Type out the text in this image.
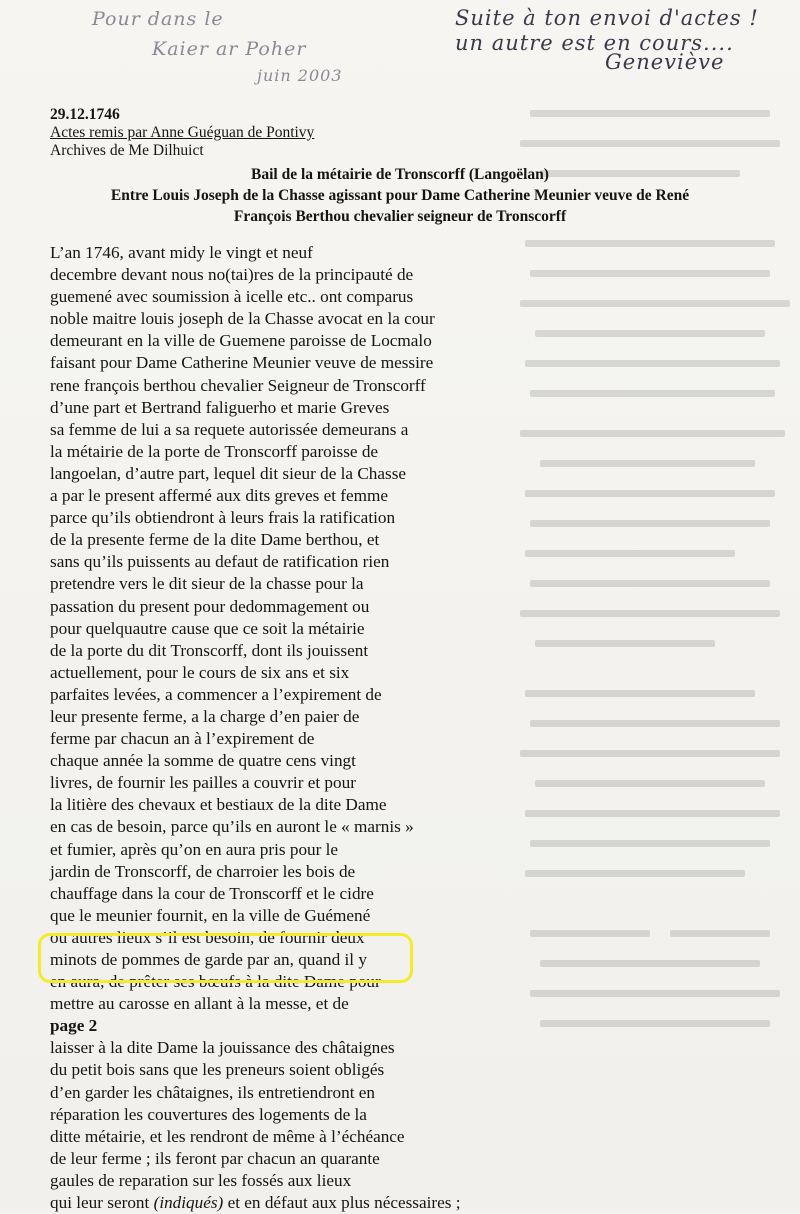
Pour dans le
Kaier ar Poher
juin 2003
Suite à ton envoi d'actes !
un autre est en cours....
Geneviève
29.12.1746
Actes remis par Anne Guéguan de Pontivy
Archives de Me Dilhuict
Bail de la métairie de Tronscorff (Langoëlan)
Entre Louis Joseph de la Chasse agissant pour Dame Catherine Meunier veuve de René
François Berthou chevalier seigneur de Tronscorff
L’an 1746, avant midy le vingt et neuf
decembre devant nous no(tai)res de la principauté de
guemené avec soumission à icelle etc.. ont comparus
noble maitre louis joseph de la Chasse avocat en la cour
demeurant en la ville de Guemene paroisse de Locmalo
faisant pour Dame Catherine Meunier veuve de messire
rene françois berthou chevalier Seigneur de Tronscorff
d’une part et Bertrand faliguerho et marie Greves
sa femme de lui a sa requete autorissée demeurans a
la métairie de la porte de Tronscorff paroisse de
langoelan, d’autre part, lequel dit sieur de la Chasse
a par le present affermé aux dits greves et femme
parce qu’ils obtiendront à leurs frais la ratification
de la presente ferme de la dite Dame berthou, et
sans qu’ils puissents au defaut de ratification rien
pretendre vers le dit sieur de la chasse pour la
passation du present pour dedommagement ou
pour quelquautre cause que ce soit la métairie
de la porte du dit Tronscorff, dont ils jouissent
actuellement, pour le cours de six ans et six
parfaites levées, a commencer a l’expirement de
leur presente ferme, a la charge d’en paier de
ferme par chacun an à l’expirement de
chaque année la somme de quatre cens vingt
livres, de fournir les pailles a couvrir et pour
la litière des chevaux et bestiaux de la dite Dame
en cas de besoin, parce qu’ils en auront le « marnis »
et fumier, après qu’on en aura pris pour le
jardin de Tronscorff, de charroier les bois de
chauffage dans la cour de Tronscorff et le cidre
que le meunier fournit, en la ville de Guémené
ou autres lieux s’il est besoin, de fournir deux
minots de pommes de garde par an, quand il y
en aura, de prêter ses bœufs à la dite Dame pour
mettre au carosse en allant à la messe, et de
page 2
laisser à la dite Dame la jouissance des châtaignes
du petit bois sans que les preneurs soient obligés
d’en garder les châtaignes, ils entretiendront en
réparation les couvertures des logements de la
ditte métairie, et les rendront de même à l’échéance
de leur ferme ; ils feront par chacun an quarante
gaules de reparation sur les fossés aux lieux
qui leur seront (indiqués) et en défaut aux plus nécessaires ;
